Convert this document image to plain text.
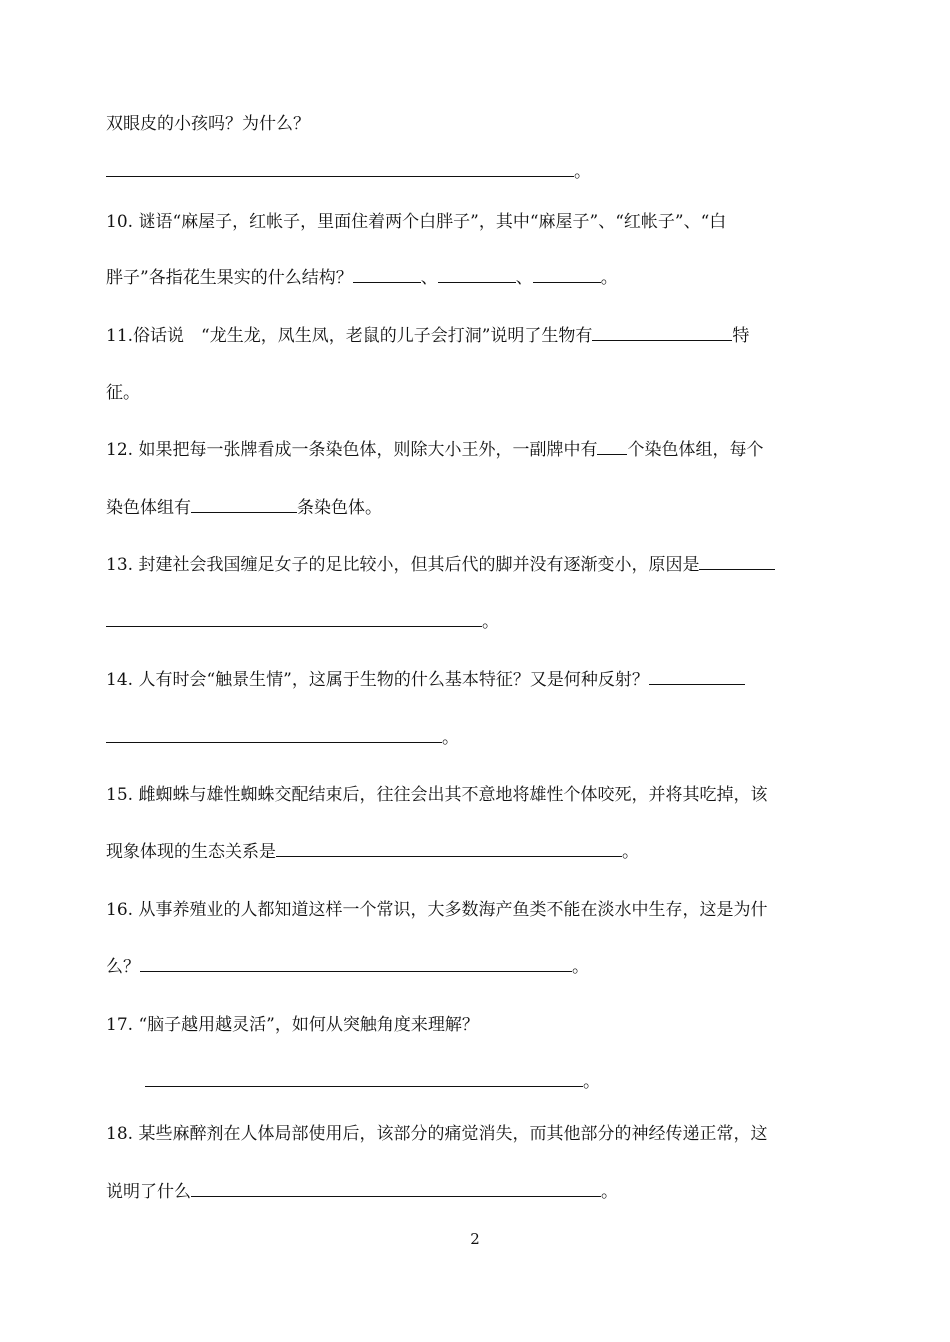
双眼皮的小孩吗？为什么？
。
10. 谜语“麻屋子，红帐子，里面住着两个白胖子”，其中“麻屋子”、“红帐子”、“白
胖子”各指花生果实的什么结构？	、	、	。
11.俗话说　“龙生龙，凤生凤，老鼠的儿子会打洞”说明了生物有	特
征。
12. 如果把每一张牌看成一条染色体，则除大小王外，一副牌中有 个染色体组，每个
染色体组有	条染色体。
13. 封建社会我国缠足女子的足比较小，但其后代的脚并没有逐渐变小，原因是
。
14. 人有时会“触景生情”，这属于生物的什么基本特征？又是何种反射？
。
15. 雌蜘蛛与雄性蜘蛛交配结束后，往往会出其不意地将雄性个体咬死，并将其吃掉，该
现象体现的生态关系是	。
16. 从事养殖业的人都知道这样一个常识，大多数海产鱼类不能在淡水中生存，这是为什
么？	。
17. “脑子越用越灵活”，如何从突触角度来理解？
。
18. 某些麻醉剂在人体局部使用后，该部分的痛觉消失，而其他部分的神经传递正常，这
说明了什么	。
2
